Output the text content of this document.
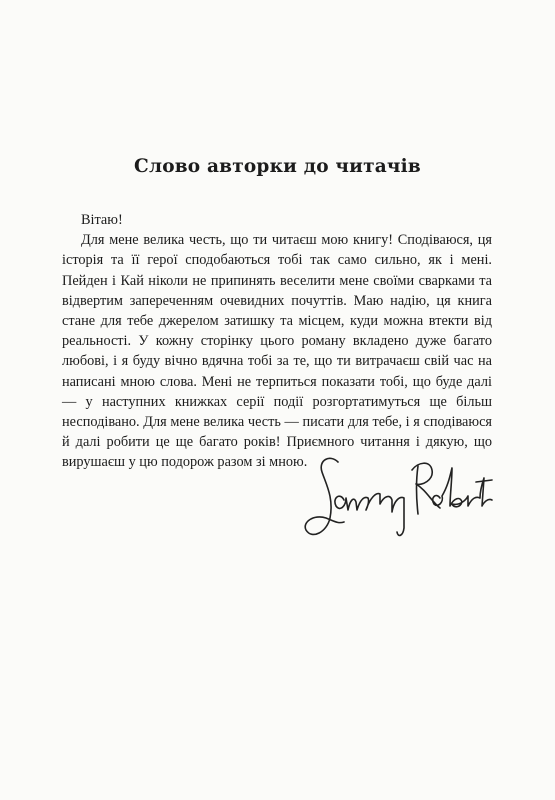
Слово авторки до читачів

Вітаю!

Для мене велика честь, що ти читаєш мою книгу! Сподіваюся, ця історія та її герої сподобаються тобі так само сильно, як і мені. Пейден і Кай ніколи не припинять веселити мене своїми сварками та відвертим запереченням очевидних почуттів. Маю надію, ця книга стане для тебе джерелом затишку та місцем, куди можна втекти від реальності. У кожну сторінку цього роману вкладено дуже багато любові, і я буду вічно вдячна тобі за те, що ти витрачаєш свій час на написані мною слова. Мені не терпиться показати тобі, що буде далі — у наступних книжках серії події розгортатимуться ще більш несподівано. Для мене велика честь — писати для тебе, і я сподіваюся й далі робити це ще багато років! Приємного читання і дякую, що вирушаєш у цю подорож разом зі мною.
